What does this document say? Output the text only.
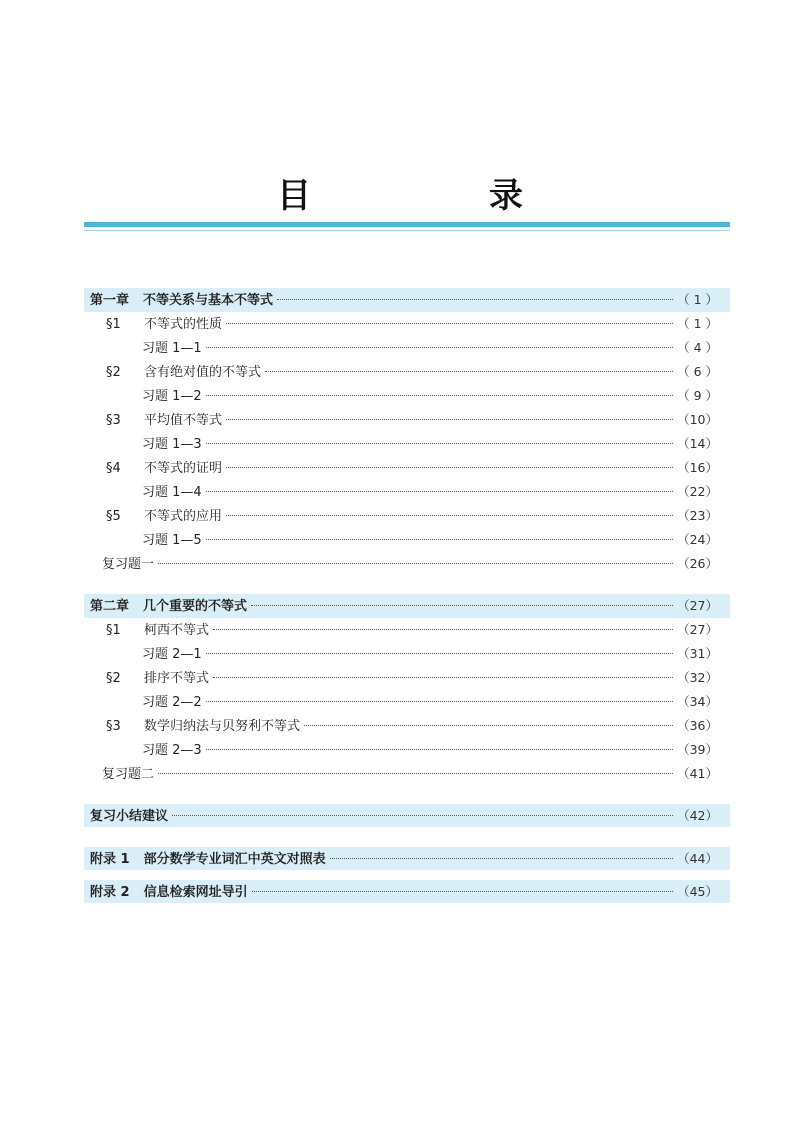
目　录
第一章 不等关系与基本不等式	（ 1 ）
§1	不等式的性质	（ 1 ）
习题 1—1	（ 4 ）
§2	含有绝对值的不等式	（ 6 ）
习题 1—2	（ 9 ）
§3	平均值不等式	（10）
习题 1—3	（14）
§4	不等式的证明	（16）
习题 1—4	（22）
§5	不等式的应用	（23）
习题 1—5	（24）
复习题一	（26）
第二章 几个重要的不等式	（27）
§1	柯西不等式	（27）
习题 2—1	（31）
§2	排序不等式	（32）
习题 2—2	（34）
§3	数学归纳法与贝努利不等式	（36）
习题 2—3	（39）
复习题二	（41）
复习小结建议	（42）
附录 1 部分数学专业词汇中英文对照表	（44）
附录 2 信息检索网址导引	（45）
